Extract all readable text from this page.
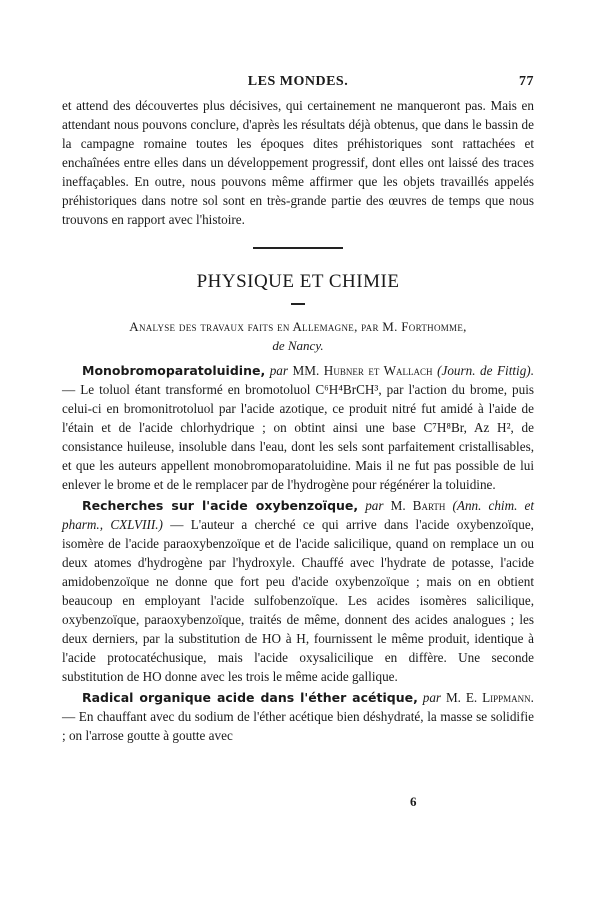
LES MONDES.	77

et attend des découvertes plus décisives, qui certainement ne manqueront pas. Mais en attendant nous pouvons conclure, d'après les résultats déjà obtenus, que dans le bassin de la campagne romaine toutes les époques dites préhistoriques sont rattachées et enchaînées entre elles dans un développement progressif, dont elles ont laissé des traces ineffaçables. En outre, nous pouvons même affirmer que les objets travaillés appelés préhistoriques dans notre sol sont en très-grande partie des œuvres de temps que nous trouvons en rapport avec l'histoire.

PHYSIQUE ET CHIMIE
Analyse des travaux faits en Allemagne, par M. Forthomme,
de Nancy.

Monobromoparatoluidine, par MM. Hubner et Wallach (Journ. de Fittig). — Le toluol étant transformé en bromotoluol C⁶H⁴BrCH³, par l'action du brome, puis celui-ci en bromonitrotoluol par l'acide azotique, ce produit nitré fut amidé à l'aide de l'étain et de l'acide chlorhydrique ; on obtint ainsi une base C⁷H⁸Br, Az H², de consistance huileuse, insoluble dans l'eau, dont les sels sont parfaitement cristallisables, et que les auteurs appellent monobromoparatoluidine. Mais il ne fut pas possible de lui enlever le brome et de le remplacer par de l'hydrogène pour régénérer la toluidine.

Recherches sur l'acide oxybenzoïque, par M. Barth (Ann. chim. et pharm., CXLVIII.) — L'auteur a cherché ce qui arrive dans l'acide oxybenzoïque, isomère de l'acide paraoxybenzoïque et de l'acide salicilique, quand on remplace un ou deux atomes d'hydrogène par l'hydroxyle. Chauffé avec l'hydrate de potasse, l'acide amidobenzoïque ne donne que fort peu d'acide oxybenzoïque ; mais on en obtient beaucoup en employant l'acide sulfobenzoïque. Les acides isomères salicilique, oxybenzoïque, paraoxybenzoïque, traités de même, donnent des acides analogues ; les deux derniers, par la substitution de HO à H, fournissent le même produit, identique à l'acide protocatéchusique, mais l'acide oxysalicilique en diffère. Une seconde substitution de HO donne avec les trois le même acide gallique.

Radical organique acide dans l'éther acétique, par M. E. Lippmann. — En chauffant avec du sodium de l'éther acétique bien déshydraté, la masse se solidifie ; on l'arrose goutte à goutte avec

6
